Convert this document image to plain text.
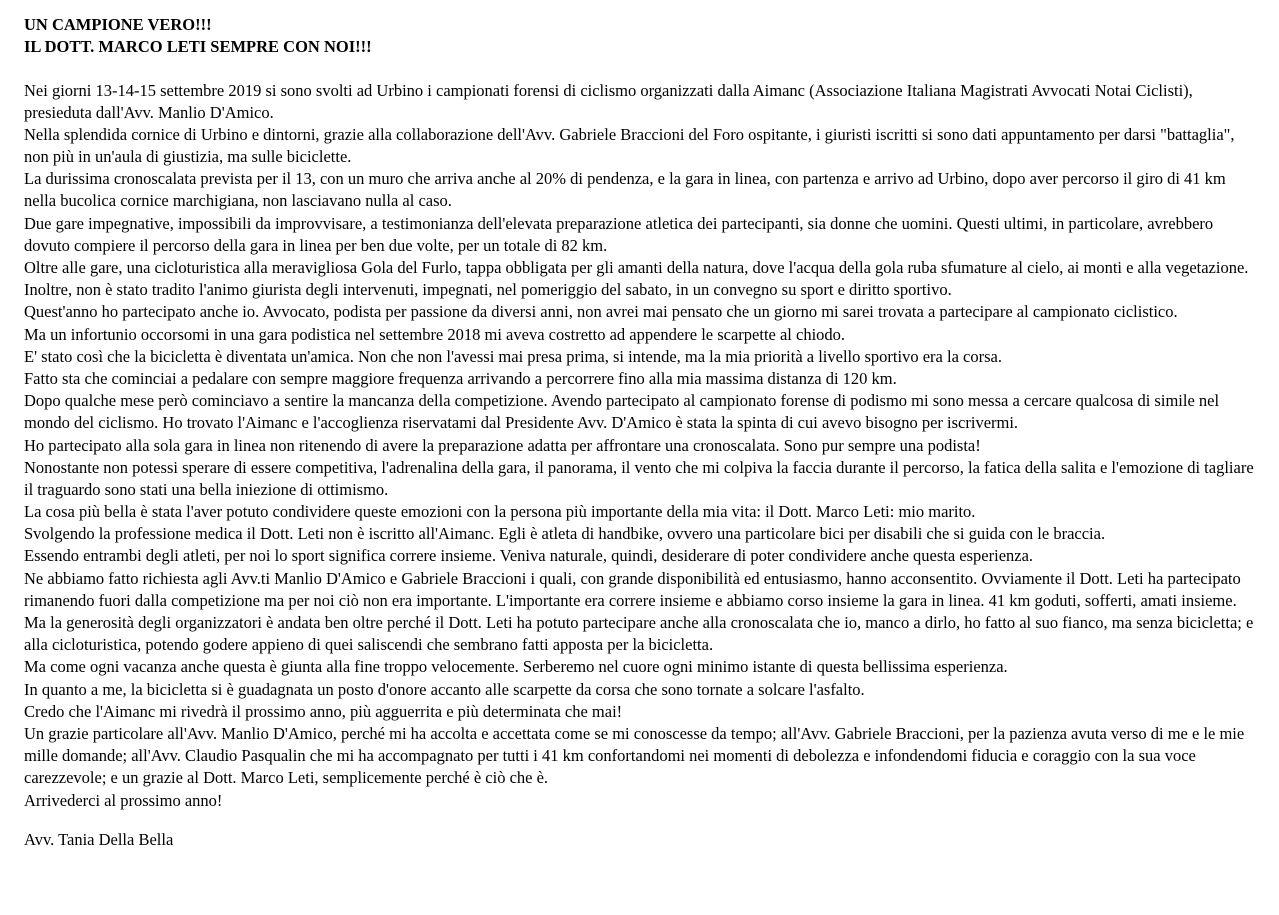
UN CAMPIONE VERO!!!
IL DOTT. MARCO LETI SEMPRE CON NOI!!!

Nei giorni 13-14-15 settembre 2019 si sono svolti ad Urbino i campionati forensi di ciclismo organizzati dalla Aimanc (Associazione Italiana Magistrati Avvocati Notai Ciclisti), presieduta dall'Avv. Manlio D'Amico.

Nella splendida cornice di Urbino e dintorni, grazie alla collaborazione dell'Avv. Gabriele Braccioni del Foro ospitante, i giuristi iscritti si sono dati appuntamento per darsi "battaglia", non più in un'aula di giustizia, ma sulle biciclette.

La durissima cronoscalata prevista per il 13, con un muro che arriva anche al 20% di pendenza, e la gara in linea, con partenza e arrivo ad Urbino, dopo aver percorso il giro di 41 km nella bucolica cornice marchigiana, non lasciavano nulla al caso.

Due gare impegnative, impossibili da improvvisare, a testimonianza dell'elevata preparazione atletica dei partecipanti, sia donne che uomini. Questi ultimi, in particolare, avrebbero dovuto compiere il percorso della gara in linea per ben due volte, per un totale di 82 km.

Oltre alle gare, una cicloturistica alla meravigliosa Gola del Furlo, tappa obbligata per gli amanti della natura, dove l'acqua della gola ruba sfumature al cielo, ai monti e alla vegetazione.

Inoltre, non è stato tradito l'animo giurista degli intervenuti, impegnati, nel pomeriggio del sabato, in un convegno su sport e diritto sportivo.

Quest'anno ho partecipato anche io. Avvocato, podista per passione da diversi anni, non avrei mai pensato che un giorno mi sarei trovata a partecipare al campionato ciclistico.

Ma un infortunio occorsomi in una gara podistica nel settembre 2018 mi aveva costretto ad appendere le scarpette al chiodo.

E' stato così che la bicicletta è diventata un'amica. Non che non l'avessi mai presa prima, si intende, ma la mia priorità a livello sportivo era la corsa.

Fatto sta che cominciai a pedalare con sempre maggiore frequenza arrivando a percorrere fino alla mia massima distanza di 120 km.

Dopo qualche mese però cominciavo a sentire la mancanza della competizione. Avendo partecipato al campionato forense di podismo mi sono messa a cercare qualcosa di simile nel mondo del ciclismo. Ho trovato l'Aimanc e l'accoglienza riservatami dal Presidente Avv. D'Amico è stata la spinta di cui avevo bisogno per iscrivermi.

Ho partecipato alla sola gara in linea non ritenendo di avere la preparazione adatta per affrontare una cronoscalata. Sono pur sempre una podista!

Nonostante non potessi sperare di essere competitiva, l'adrenalina della gara, il panorama, il vento che mi colpiva la faccia durante il percorso, la fatica della salita e l'emozione di tagliare il traguardo sono stati una bella iniezione di ottimismo.

La cosa più bella è stata l'aver potuto condividere queste emozioni con la persona più importante della mia vita: il Dott. Marco Leti: mio marito.

Svolgendo la professione medica il Dott. Leti non è iscritto all'Aimanc. Egli è atleta di handbike, ovvero una particolare bici per disabili che si guida con le braccia.

Essendo entrambi degli atleti, per noi lo sport significa correre insieme. Veniva naturale, quindi, desiderare di poter condividere anche questa esperienza.

Ne abbiamo fatto richiesta agli Avv.ti Manlio D'Amico e Gabriele Braccioni i quali, con grande disponibilità ed entusiasmo, hanno acconsentito. Ovviamente il Dott. Leti ha partecipato rimanendo fuori dalla competizione ma per noi ciò non era importante. L'importante era correre insieme e abbiamo corso insieme la gara in linea. 41 km goduti, sofferti, amati insieme.

Ma la generosità degli organizzatori è andata ben oltre perché il Dott. Leti ha potuto partecipare anche alla cronoscalata che io, manco a dirlo, ho fatto al suo fianco, ma senza bicicletta; e alla cicloturistica, potendo godere appieno di quei saliscendi che sembrano fatti apposta per la bicicletta.

Ma come ogni vacanza anche questa è giunta alla fine troppo velocemente. Serberemo nel cuore ogni minimo istante di questa bellissima esperienza.

In quanto a me, la bicicletta si è guadagnata un posto d'onore accanto alle scarpette da corsa che sono tornate a solcare l'asfalto.

Credo che l'Aimanc mi rivedrà il prossimo anno, più agguerrita e più determinata che mai!

Un grazie particolare all'Avv. Manlio D'Amico, perché mi ha accolta e accettata come se mi conoscesse da tempo; all'Avv. Gabriele Braccioni, per la pazienza avuta verso di me e le mie mille domande; all'Avv. Claudio Pasqualin che mi ha accompagnato per tutti i 41 km confortandomi nei momenti di debolezza e infondendomi fiducia e coraggio con la sua voce carezzevole; e un grazie al Dott. Marco Leti, semplicemente perché è ciò che è.

Arrivederci al prossimo anno!

Avv. Tania Della Bella
